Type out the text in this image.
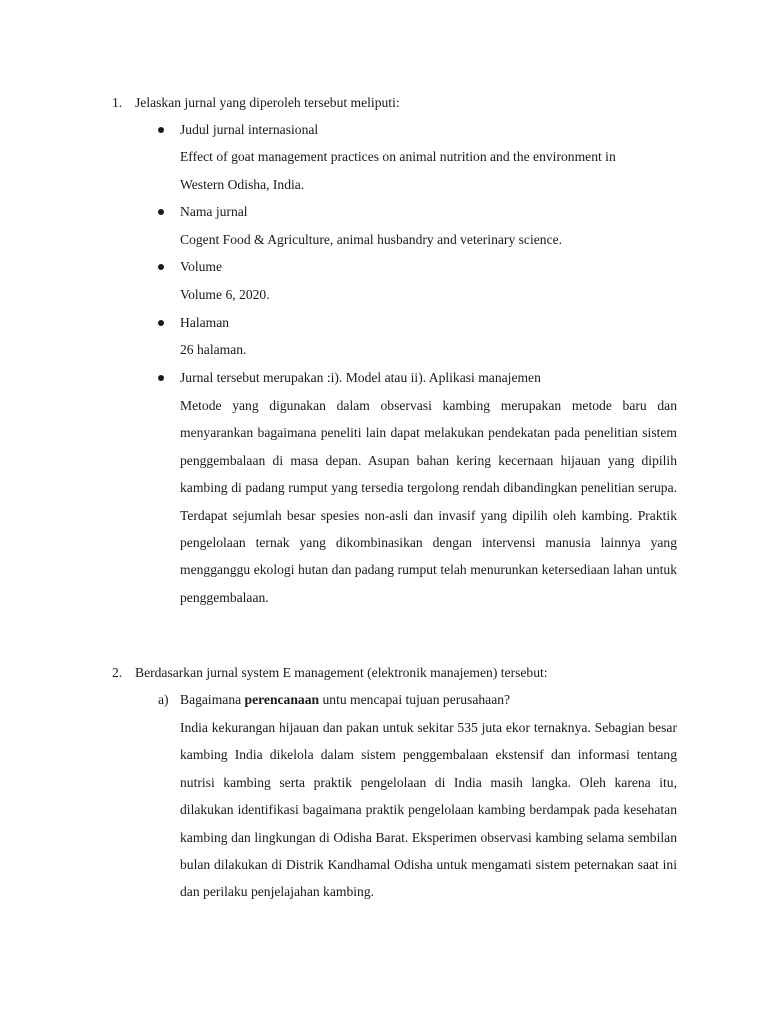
1. Jelaskan jurnal yang diperoleh tersebut meliputi:
Judul jurnal internasional
Effect of goat management practices on animal nutrition and the environment in
Western Odisha, India.
Nama jurnal
Cogent Food & Agriculture, animal husbandry and veterinary science.
Volume
Volume 6, 2020.
Halaman
26 halaman.
Jurnal tersebut merupakan :i). Model atau ii). Aplikasi manajemen
Metode yang digunakan dalam observasi kambing merupakan metode baru dan menyarankan bagaimana peneliti lain dapat melakukan pendekatan pada penelitian sistem penggembalaan di masa depan. Asupan bahan kering kecernaan hijauan yang dipilih kambing di padang rumput yang tersedia tergolong rendah dibandingkan penelitian serupa. Terdapat sejumlah besar spesies non-asli dan invasif yang dipilih oleh kambing. Praktik pengelolaan ternak yang dikombinasikan dengan intervensi manusia lainnya yang mengganggu ekologi hutan dan padang rumput telah menurunkan ketersediaan lahan untuk penggembalaan.
2. Berdasarkan jurnal system E management (elektronik manajemen) tersebut:
a) Bagaimana perencanaan untu mencapai tujuan perusahaan?
India kekurangan hijauan dan pakan untuk sekitar 535 juta ekor ternaknya. Sebagian besar kambing India dikelola dalam sistem penggembalaan ekstensif dan informasi tentang nutrisi kambing serta praktik pengelolaan di India masih langka. Oleh karena itu, dilakukan identifikasi bagaimana praktik pengelolaan kambing berdampak pada kesehatan kambing dan lingkungan di Odisha Barat. Eksperimen observasi kambing selama sembilan bulan dilakukan di Distrik Kandhamal Odisha untuk mengamati sistem peternakan saat ini dan perilaku penjelajahan kambing.
